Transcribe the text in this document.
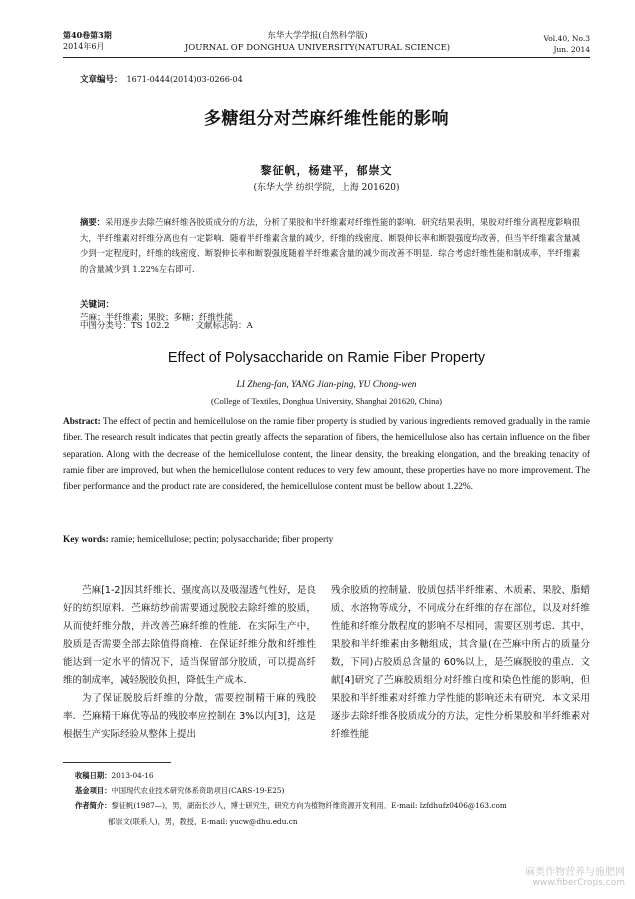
第40卷第3期
2014年6月
东华大学学报(自然科学版)
JOURNAL OF DONGHUA UNIVERSITY(NATURAL SCIENCE)
Vol.40, No.3
Jun. 2014
文章编号： 1671-0444(2014)03-0266-04
多糖组分对苎麻纤维性能的影响
黎征帆，杨建平，郁崇文
(东华大学 纺织学院，上海 201620)
摘要：采用逐步去除苎麻纤维各胶质成分的方法，分析了果胶和半纤维素对纤维性能的影响．研究结果表明，果胶对纤维分离程度影响很大，半纤维素对纤维分离也有一定影响．随着半纤维素含量的减少，纤维的线密度、断裂伸长率和断裂强度均改善，但当半纤维素含量减少到一定程度时，纤维的线密度、断裂伸长率和断裂强度随着半纤维素含量的减少而改善不明显．综合考虑纤维性能和制成率，半纤维素的含量减少到 1.22%左右即可．
关键词：
苎麻；半纤维素；果胶；多糖；纤维性能
中图分类号：TS 102.2	文献标志码：A
Effect of Polysaccharide on Ramie Fiber Property
LI Zheng-fan, YANG Jian-ping, YU Chong-wen
(College of Textiles, Donghua University, Shanghai 201620, China)
Abstract: The effect of pectin and hemicellulose on the ramie fiber property is studied by various ingredients removed gradually in the ramie fiber. The research result indicates that pectin greatly affects the separation of fibers, the hemicellulose also has certain influence on the fiber separation. Along with the decrease of the hemicellulose content, the linear density, the breaking elongation, and the breaking tenacity of ramie fiber are improved, but when the hemicellulose content reduces to very few amount, these properties have no more improvement. The fiber performance and the product rate are considered, the hemicellulose content must be bellow about 1.22%.
Key words: ramie; hemicellulose; pectin; polysaccharide; fiber property

苎麻[1-2]因其纤维长、强度高以及吸湿透气性好，是良好的纺织原料．苎麻纺纱前需要通过脱胶去除纤维的胶质，从而使纤维分散，并改善苎麻纤维的性能．在实际生产中，胶质是否需要全部去除值得商榷．在保证纤维分散和纤维性能达到一定水平的情况下，适当保留部分胶质，可以提高纤维的制成率，减轻脱胶负担，降低生产成本．

为了保证脱胶后纤维的分散，需要控制精干麻的残胶率．苎麻精干麻优等品的残胶率应控制在 3%以内[3]，这是根据生产实际经验从整体上提出

残余胶质的控制量．胶质包括半纤维素、木质素、果胶、脂蜡质、水溶物等成分，不同成分在纤维的存在部位，以及对纤维性能和纤维分散程度的影响不尽相同，需要区别考虑．其中，果胶和半纤维素由多糖组成，其含量(在苎麻中所占的质量分数，下同)占胶质总含量的 60%以上，是苎麻脱胶的重点．文献[4]研究了苎麻胶质组分对纤维白度和染色性能的影响，但果胶和半纤维素对纤维力学性能的影响还未有研究．本文采用逐步去除纤维各胶质成分的方法，定性分析果胶和半纤维素对纤维性能

收稿日期：2013-04-16

基金项目：中国现代农业技术研究体系资助项目(CARS-19-E25)

作者简介：黎征帆(1987—)，男，湖南长沙人，博士研究生，研究方向为植物纤维资源开发利用．E-mail: lzfdhufz0406@163.com

郁崇文(联系人)，男，教授，E-mail: yucw@dhu.edu.cn

麻类作物营养与施肥网
www.fiberCrops.com
